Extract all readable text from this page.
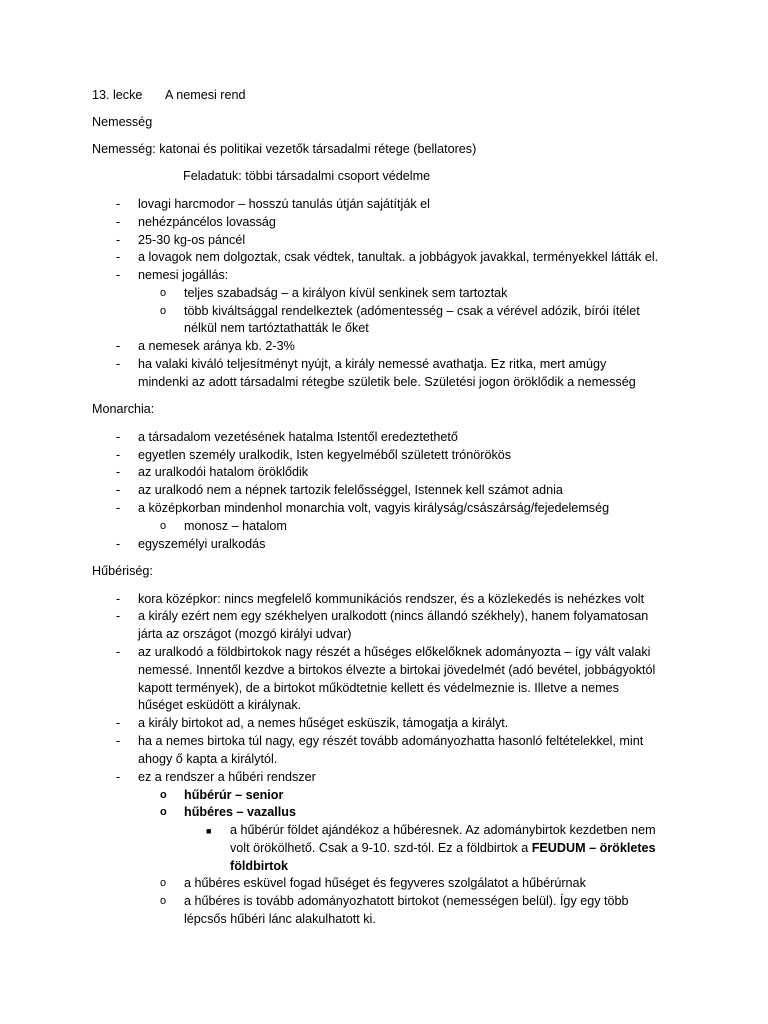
13. lecke A nemesi rend
Nemesség
Nemesség: katonai és politikai vezetők társadalmi rétege (bellatores)
Feladatuk: többi társadalmi csoport védelme
- lovagi harcmodor – hosszú tanulás útján sajátítják el
- nehézpáncélos lovasság
- 25-30 kg-os páncél
- a lovagok nem dolgoztak, csak védtek, tanultak. a jobbágyok javakkal, terményekkel látták el.
- nemesi jogállás:
o teljes szabadság – a királyon kívül senkinek sem tartoztak
o több kiváltsággal rendelkeztek (adómentesség – csak a vérével adózik, bírói ítélet
nélkül nem tartóztathatták le őket
- a nemesek aránya kb. 2-3%
- ha valaki kiváló teljesítményt nyújt, a király nemessé avathatja. Ez ritka, mert amúgy
mindenki az adott társadalmi rétegbe születik bele. Születési jogon öröklődik a nemesség
Monarchia:
- a társadalom vezetésének hatalma Istentől eredeztethető
- egyetlen személy uralkodik, Isten kegyelméből született trónörökös
- az uralkodói hatalom öröklődik
- az uralkodó nem a népnek tartozik felelősséggel, Istennek kell számot adnia
- a középkorban mindenhol monarchia volt, vagyis királyság/császárság/fejedelemség
o monosz – hatalom
- egyszemélyi uralkodás
Hűbériség:
- kora középkor: nincs megfelelő kommunikációs rendszer, és a közlekedés is nehézkes volt
- a király ezért nem egy székhelyen uralkodott (nincs állandó székhely), hanem folyamatosan
járta az országot (mozgó királyi udvar)
- az uralkodó a földbirtokok nagy részét a hűséges előkelőknek adományozta – így vált valaki
nemessé. Innentől kezdve a birtokos élvezte a birtokai jövedelmét (adó bevétel, jobbágyoktól
kapott termények), de a birtokot működtetnie kellett és védelmeznie is. Illetve a nemes
hűséget esküdött a királynak.
- a király birtokot ad, a nemes hűséget esküszik, támogatja a királyt.
- ha a nemes birtoka túl nagy, egy részét tovább adományozhatta hasonló feltételekkel, mint
ahogy ő kapta a királytól.
- ez a rendszer a hűbéri rendszer
o hűbérúr – senior
o hűbéres – vazallus
■ a hűbérúr földet ajándékoz a hűbéresnek. Az adománybirtok kezdetben nem
volt örökölhető. Csak a 9-10. szd-tól. Ez a földbirtok a FEUDUM – örökletes
földbirtok
o a hűbéres esküvel fogad hűséget és fegyveres szolgálatot a hűbérúrnak
o a hűbéres is tovább adományozhatott birtokot (nemességen belül). Így egy több
lépcsős hűbéri lánc alakulhatott ki.
